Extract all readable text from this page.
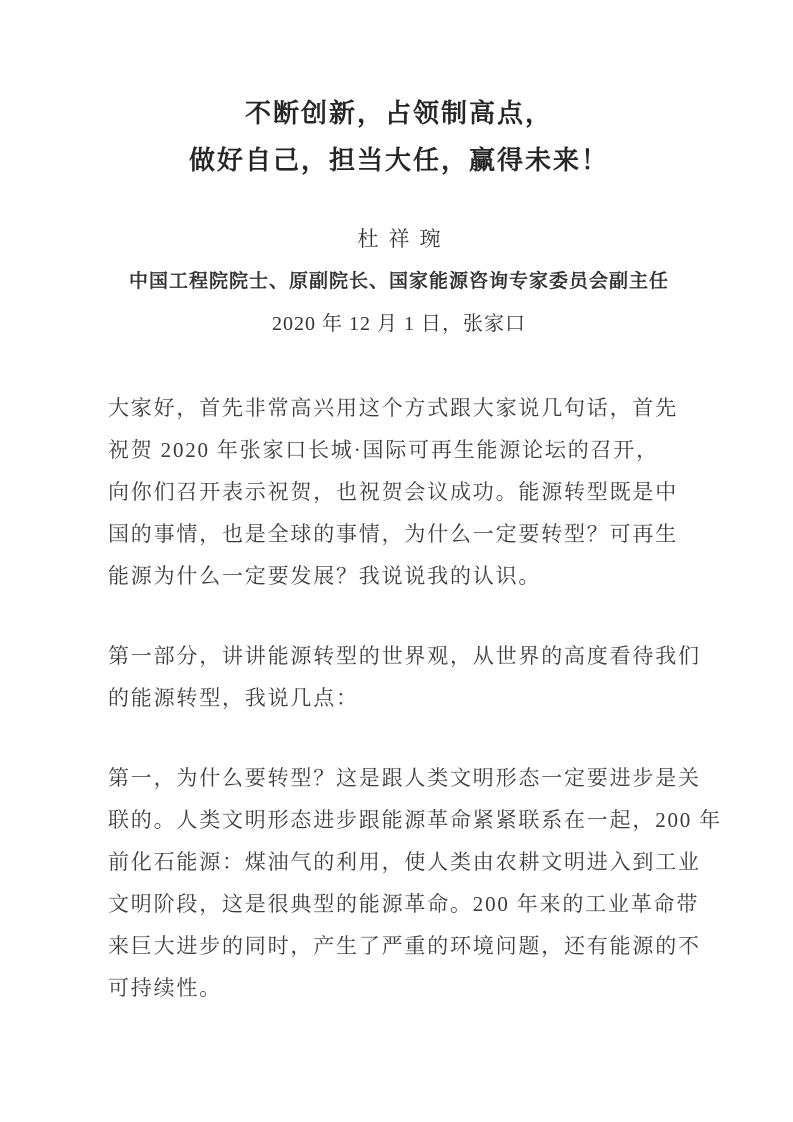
不断创新，占领制高点，
做好自己，担当大任，赢得未来！
杜祥琬
中国工程院院士、原副院长、国家能源咨询专家委员会副主任
2020 年 12 月 1 日，张家口

大家好，首先非常高兴用这个方式跟大家说几句话，首先
祝贺 2020 年张家口长城·国际可再生能源论坛的召开，
向你们召开表示祝贺，也祝贺会议成功。能源转型既是中
国的事情，也是全球的事情，为什么一定要转型？可再生
能源为什么一定要发展？我说说我的认识。

第一部分，讲讲能源转型的世界观，从世界的高度看待我们
的能源转型，我说几点：

第一，为什么要转型？这是跟人类文明形态一定要进步是关
联的。人类文明形态进步跟能源革命紧紧联系在一起，200 年
前化石能源：煤油气的利用，使人类由农耕文明进入到工业
文明阶段，这是很典型的能源革命。200 年来的工业革命带
来巨大进步的同时，产生了严重的环境问题，还有能源的不
可持续性。
